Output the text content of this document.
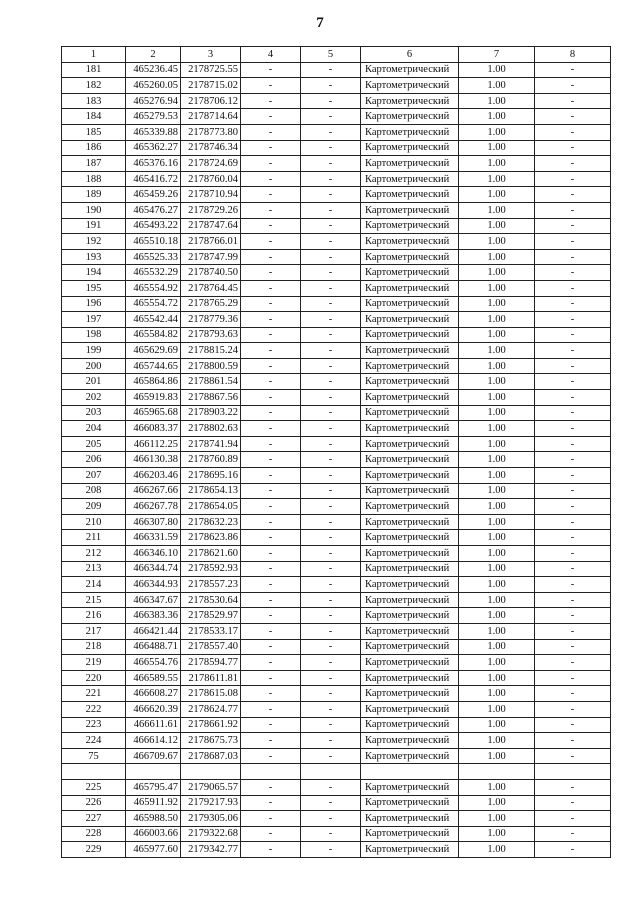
7
1	2	3	4	5	6	7	8
181	465236.45	2178725.55	-	-	Картометрический	1.00	-
182	465260.05	2178715.02	-	-	Картометрический	1.00	-
183	465276.94	2178706.12	-	-	Картометрический	1.00	-
184	465279.53	2178714.64	-	-	Картометрический	1.00	-
185	465339.88	2178773.80	-	-	Картометрический	1.00	-
186	465362.27	2178746.34	-	-	Картометрический	1.00	-
187	465376.16	2178724.69	-	-	Картометрический	1.00	-
188	465416.72	2178760.04	-	-	Картометрический	1.00	-
189	465459.26	2178710.94	-	-	Картометрический	1.00	-
190	465476.27	2178729.26	-	-	Картометрический	1.00	-
191	465493.22	2178747.64	-	-	Картометрический	1.00	-
192	465510.18	2178766.01	-	-	Картометрический	1.00	-
193	465525.33	2178747.99	-	-	Картометрический	1.00	-
194	465532.29	2178740.50	-	-	Картометрический	1.00	-
195	465554.92	2178764.45	-	-	Картометрический	1.00	-
196	465554.72	2178765.29	-	-	Картометрический	1.00	-
197	465542.44	2178779.36	-	-	Картометрический	1.00	-
198	465584.82	2178793.63	-	-	Картометрический	1.00	-
199	465629.69	2178815.24	-	-	Картометрический	1.00	-
200	465744.65	2178800.59	-	-	Картометрический	1.00	-
201	465864.86	2178861.54	-	-	Картометрический	1.00	-
202	465919.83	2178867.56	-	-	Картометрический	1.00	-
203	465965.68	2178903.22	-	-	Картометрический	1.00	-
204	466083.37	2178802.63	-	-	Картометрический	1.00	-
205	466112.25	2178741.94	-	-	Картометрический	1.00	-
206	466130.38	2178760.89	-	-	Картометрический	1.00	-
207	466203.46	2178695.16	-	-	Картометрический	1.00	-
208	466267.66	2178654.13	-	-	Картометрический	1.00	-
209	466267.78	2178654.05	-	-	Картометрический	1.00	-
210	466307.80	2178632.23	-	-	Картометрический	1.00	-
211	466331.59	2178623.86	-	-	Картометрический	1.00	-
212	466346.10	2178621.60	-	-	Картометрический	1.00	-
213	466344.74	2178592.93	-	-	Картометрический	1.00	-
214	466344.93	2178557.23	-	-	Картометрический	1.00	-
215	466347.67	2178530.64	-	-	Картометрический	1.00	-
216	466383.36	2178529.97	-	-	Картометрический	1.00	-
217	466421.44	2178533.17	-	-	Картометрический	1.00	-
218	466488.71	2178557.40	-	-	Картометрический	1.00	-
219	466554.76	2178594.77	-	-	Картометрический	1.00	-
220	466589.55	2178611.81	-	-	Картометрический	1.00	-
221	466608.27	2178615.08	-	-	Картометрический	1.00	-
222	466620.39	2178624.77	-	-	Картометрический	1.00	-
223	466611.61	2178661.92	-	-	Картометрический	1.00	-
224	466614.12	2178675.73	-	-	Картометрический	1.00	-
75	466709.67	2178687.03	-	-	Картометрический	1.00	-

225	465795.47	2179065.57	-	-	Картометрический	1.00	-
226	465911.92	2179217.93	-	-	Картометрический	1.00	-
227	465988.50	2179305.06	-	-	Картометрический	1.00	-
228	466003.66	2179322.68	-	-	Картометрический	1.00	-
229	465977.60	2179342.77	-	-	Картометрический	1.00	-
